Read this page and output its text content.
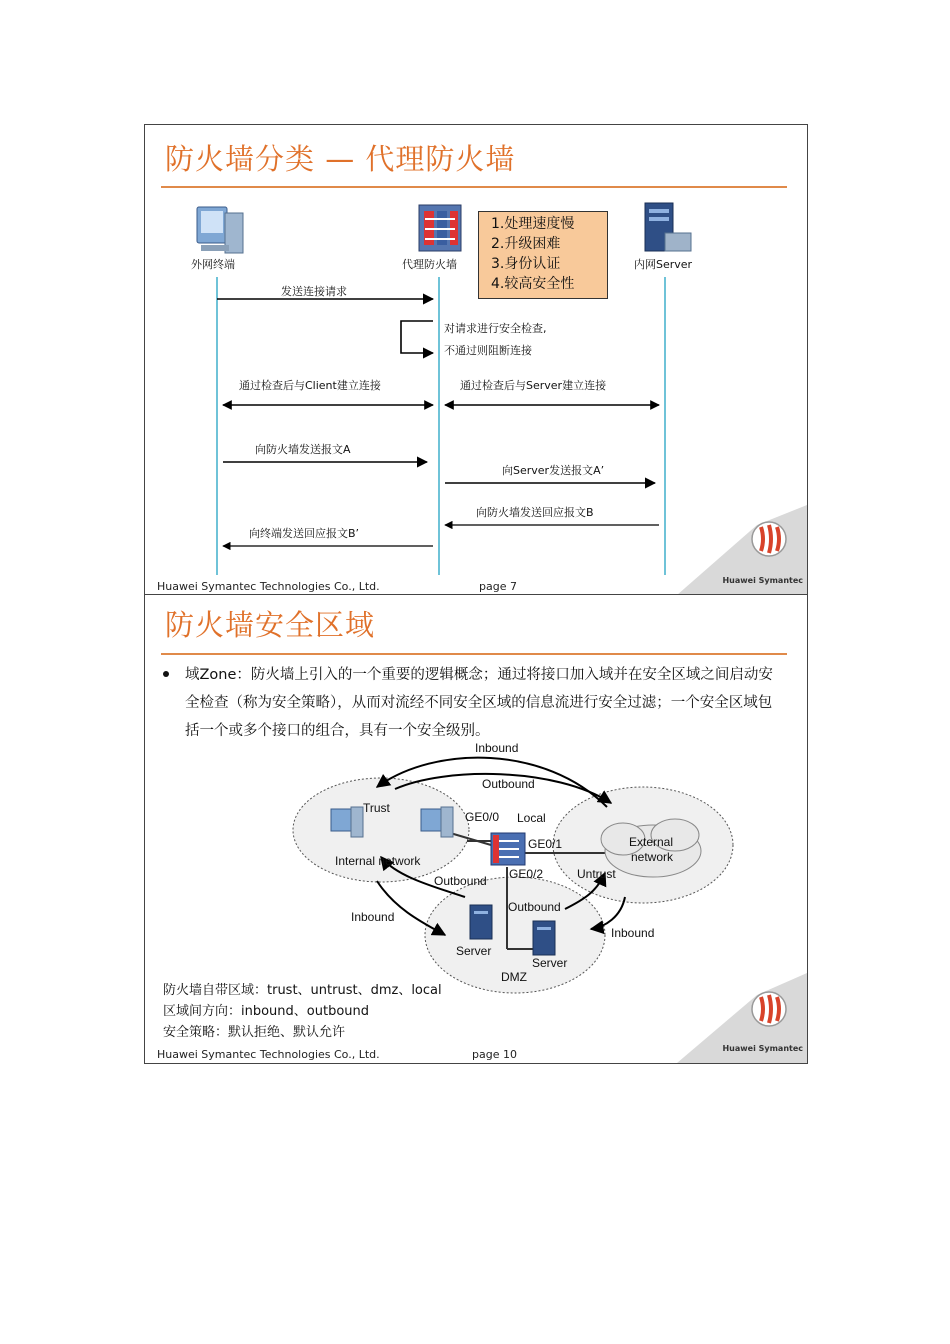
防火墙分类 — 代理防火墙
外网终端	代理防火墙	内网Server
1.处理速度慢
2.升级困难
3.身份认证
4.较高安全性
发送连接请求
对请求进行安全检查,
不通过则阻断连接
通过检查后与Client建立连接	通过检查后与Server建立连接
向防火墙发送报文A
向Server发送报文A’
向防火墙发送回应报文B
向终端发送回应报文B’
Huawei Symantec Technologies Co., Ltd.	page 7	Huawei Symantec
防火墙安全区域
域Zone：防火墙上引入的一个重要的逻辑概念；通过将接口加入域并在安全区域之间启动安全检查（称为安全策略），从而对流经不同安全区域的信息流进行安全过滤；一个安全区域包括一个或多个接口的组合，具有一个安全级别。
Inbound
Outbound
Trust
Internal network
GE0/0 Local
GE0/1
GE0/2
External
network
Untrust
Outbound
Inbound
Outbound
Inbound
Server
Server
DMZ
防火墙自带区域：trust、untrust、dmz、local
区域间方向：inbound、outbound
安全策略：默认拒绝、默认允许
Huawei Symantec Technologies Co., Ltd.	page 10	Huawei Symantec
